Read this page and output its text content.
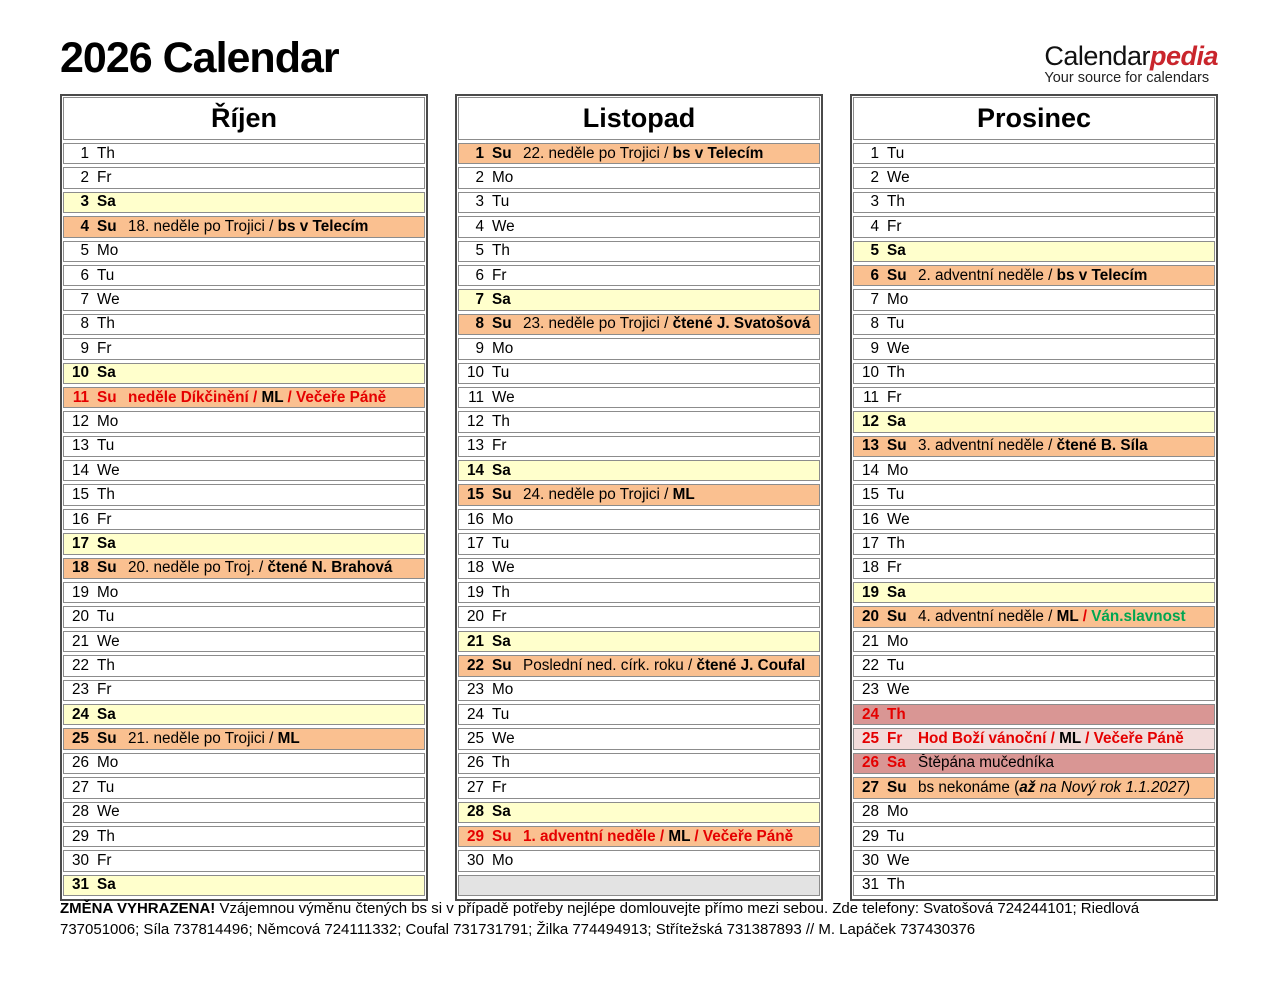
2026 Calendar	Calendarpedia
Your source for calendars
Říjen
1 Th
2 Fr
3 Sa
4 Su 18. neděle po Trojici / bs v Telecím
5 Mo
6 Tu
7 We
8 Th
9 Fr
10 Sa
11 Su neděle Díkčinění / ML / Večeře Páně
12 Mo
13 Tu
14 We
15 Th
16 Fr
17 Sa
18 Su 20. neděle po Troj. / čtené N. Brahová
19 Mo
20 Tu
21 We
22 Th
23 Fr
24 Sa
25 Su 21. neděle po Trojici / ML
26 Mo
27 Tu
28 We
29 Th
30 Fr
31 Sa
Listopad
1 Su 22. neděle po Trojici / bs v Telecím
2 Mo
3 Tu
4 We
5 Th
6 Fr
7 Sa
8 Su 23. neděle po Trojici / čtené J. Svatošová
9 Mo
10 Tu
11 We
12 Th
13 Fr
14 Sa
15 Su 24. neděle po Trojici / ML
16 Mo
17 Tu
18 We
19 Th
20 Fr
21 Sa
22 Su Poslední ned. círk. roku / čtené J. Coufal
23 Mo
24 Tu
25 We
26 Th
27 Fr
28 Sa
29 Su 1. adventní neděle / ML / Večeře Páně
30 Mo
Prosinec
1 Tu
2 We
3 Th
4 Fr
5 Sa
6 Su 2. adventní neděle / bs v Telecím
7 Mo
8 Tu
9 We
10 Th
11 Fr
12 Sa
13 Su 3. adventní neděle / čtené B. Síla
14 Mo
15 Tu
16 We
17 Th
18 Fr
19 Sa
20 Su 4. adventní neděle / ML / Ván.slavnost
21 Mo
22 Tu
23 We
24 Th
25 Fr	Hod Boží vánoční / ML / Večeře Páně
26 Sa Štěpána mučedníka
27 Su bs nekonáme (až na Nový rok 1.1.2027)
28 Mo
29 Tu
30 We
31 Th
ZMĚNA VYHRAZENA! Vzájemnou výměnu čtených bs si v případě potřeby nejlépe domlouvejte přímo mezi sebou. Zde telefony: Svatošová 724244101; Riedlová 737051006; Síla 737814496; Němcová 724111332; Coufal 731731791; Žilka 774494913; Střítežská 731387893 // M. Lapáček 737430376
